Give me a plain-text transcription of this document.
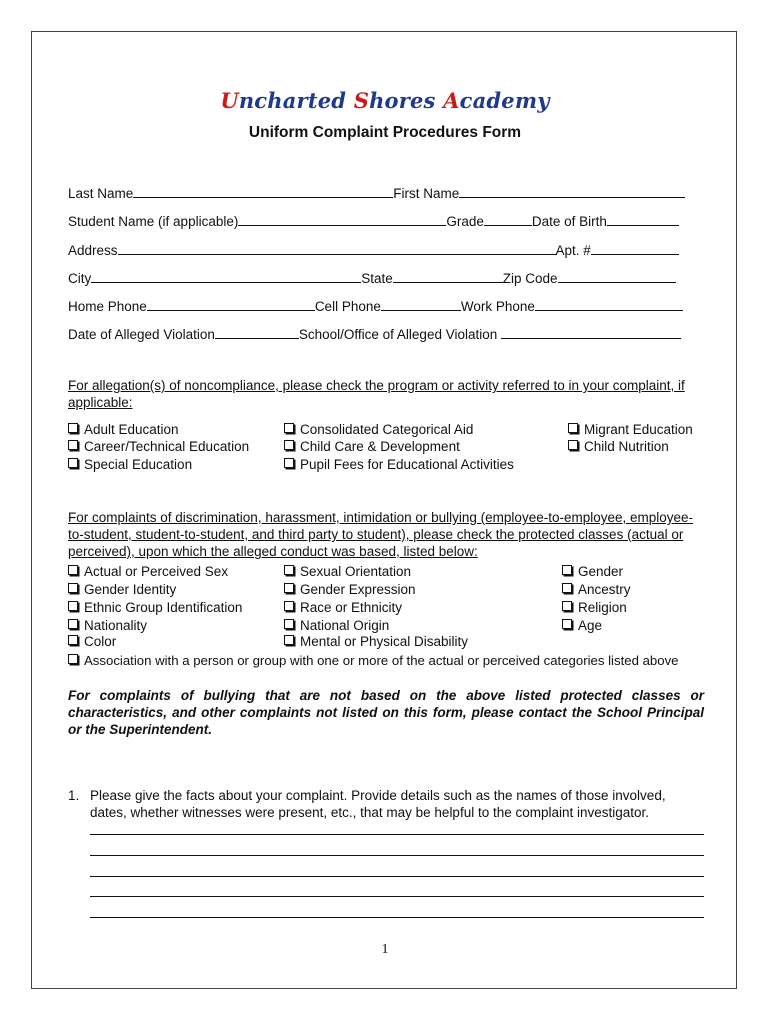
Uncharted Shores Academy
Uniform Complaint Procedures Form
Last Name	First Name
Student Name (if applicable)	Grade	Date of Birth
Address	Apt. #
City	State	Zip Code
Home Phone	Cell Phone	Work Phone
Date of Alleged Violation	School/Office of Alleged Violation
For allegation(s) of noncompliance, please check the program or activity referred to in your complaint, if applicable:
Adult Education
Career/Technical Education
Special Education
Consolidated Categorical Aid
Child Care & Development
Pupil Fees for Educational Activities
Migrant Education
Child Nutrition
For complaints of discrimination, harassment, intimidation or bullying (employee-to-employee, employee-to-student, student-to-student, and third party to student), please check the protected classes (actual or perceived), upon which the alleged conduct was based, listed below:
Actual or Perceived Sex
Gender Identity
Ethnic Group Identification
Nationality
Color
Sexual Orientation
Gender Expression
Race or Ethnicity
National Origin
Mental or Physical Disability
Gender
Ancestry
Religion
Age
Association with a person or group with one or more of the actual or perceived categories listed above
For complaints of bullying that are not based on the above listed protected classes or characteristics, and other complaints not listed on this form, please contact the School Principal or the Superintendent.
1.	Please give the facts about your complaint. Provide details such as the names of those involved, dates, whether witnesses were present, etc., that may be helpful to the complaint investigator.
1
